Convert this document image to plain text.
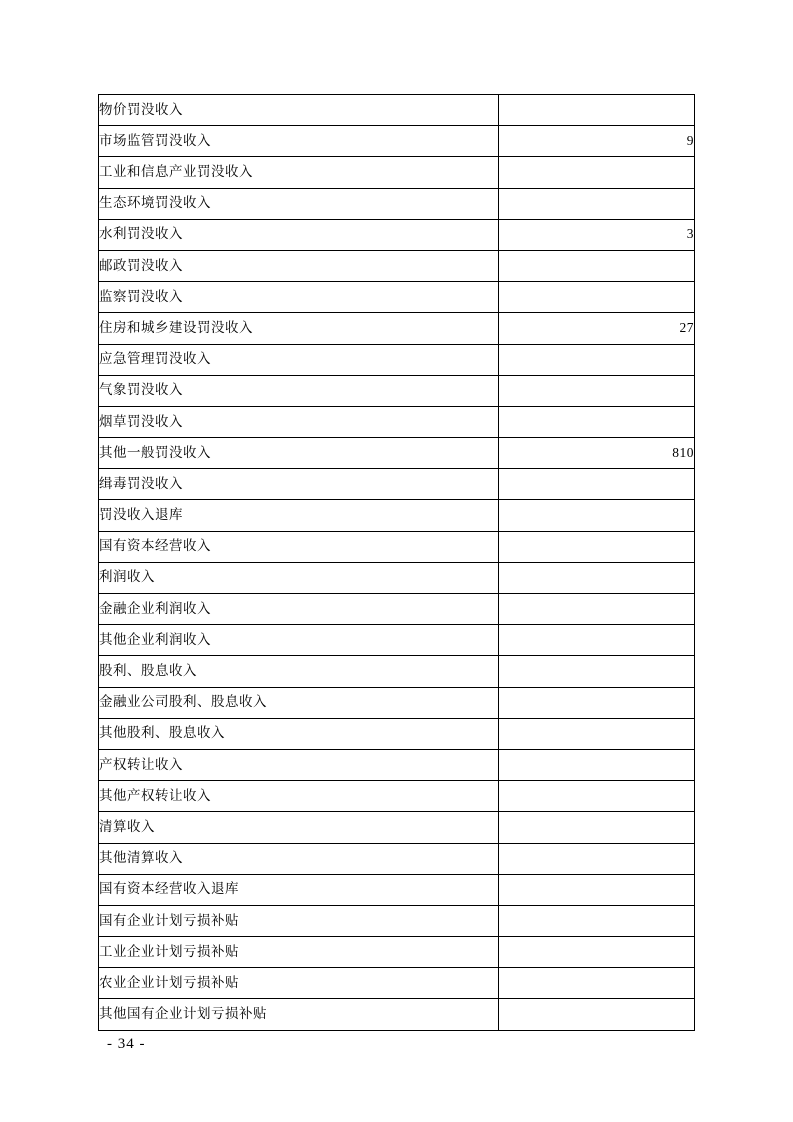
物价罚没收入	
市场监管罚没收入	9
工业和信息产业罚没收入	
生态环境罚没收入	
水利罚没收入	3
邮政罚没收入	
监察罚没收入	
住房和城乡建设罚没收入	27
应急管理罚没收入	
气象罚没收入	
烟草罚没收入	
其他一般罚没收入	810
缉毒罚没收入	
罚没收入退库	
国有资本经营收入	
利润收入	
金融企业利润收入	
其他企业利润收入	
股利、股息收入	
金融业公司股利、股息收入	
其他股利、股息收入	
产权转让收入	
其他产权转让收入	
清算收入	
其他清算收入	
国有资本经营收入退库	
国有企业计划亏损补贴	
工业企业计划亏损补贴	
农业企业计划亏损补贴	
其他国有企业计划亏损补贴	
- 34 -
